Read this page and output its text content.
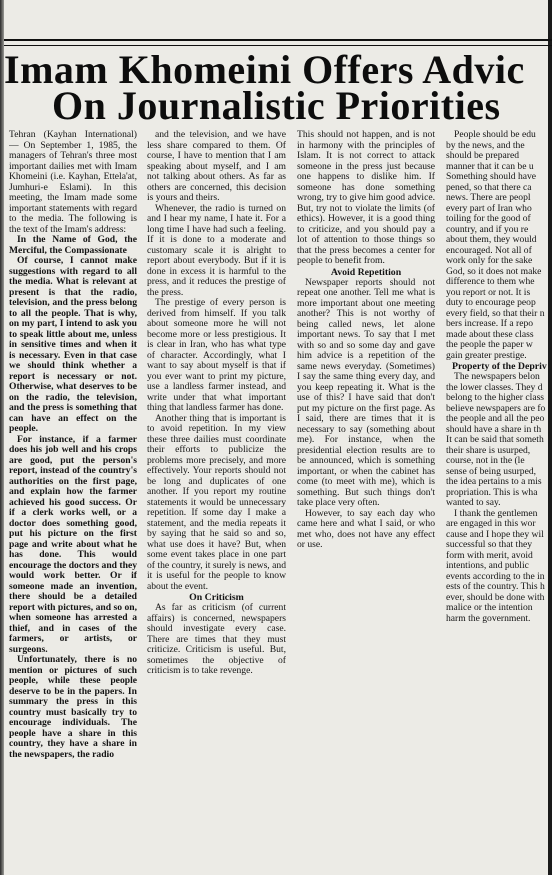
Imam Khomeini Offers Advic
On Journalistic Priorities

Tehran (Kayhan International) — On September 1, 1985, the managers of Tehran's three most important dailies met with Imam Khomeini (i.e. Kayhan, Ettela'at, Jumhuri-e Eslami). In this meeting, the Imam made some important statements with regard to the media. The following is the text of the Imam's address:

In the Name of God, the Merciful, the Compassionate

Of course, I cannot make suggestions with regard to all the media. What is relevant at present is that the radio, television, and the press belong to all the people. That is why, on my part, I intend to ask you to speak little about me, unless in sensitive times and when it is necessary. Even in that case we should think whether a report is necessary or not. Otherwise, what deserves to be on the radio, the television, and the press is something that can have an effect on the people.

For instance, if a farmer does his job well and his crops are good, put the person's report, instead of the country's authorities on the first page, and explain how the farmer achieved his good success. Or if a clerk works well, or a doctor does something good, put his picture on the first page and write about what he has done. This would encourage the doctors and they would work better. Or if someone made an invention, there should be a detailed report with pictures, and so on, when someone has arrested a thief, and in cases of the farmers, or artists, or surgeons.

Unfortunately, there is no mention or pictures of such people, while these people deserve to be in the papers. In summary the press in this country must basically try to encourage individuals. The people have a share in this country, they have a share in the newspapers, the radio

and the television, and we have less share compared to them. Of course, I have to mention that I am speaking about myself, and I am not talking about others. As far as others are concerned, this decision is yours and theirs.

Whenever, the radio is turned on and I hear my name, I hate it. For a long time I have had such a feeling. If it is done to a moderate and customary scale it is alright to report about everybody. But if it is done in excess it is harmful to the press, and it reduces the prestige of the press.

The prestige of every person is derived from himself. If you talk about someone more he will not become more or less prestigious. It is clear in Iran, who has what type of character. Accordingly, what I want to say about myself is that if you ever want to print my picture, use a landless farmer instead, and write under that what important thing that landless farmer has done.

Another thing that is important is to avoid repetition. In my view these three dailies must coordinate their efforts to publicize the problems more precisely, and more effectively. Your reports should not be long and duplicates of one another. If you report my routine statements it would be unnecessary repetition. If some day I make a statement, and the media repeats it by saying that he said so and so, what use does it have? But, when some event takes place in one part of the country, it surely is news, and it is useful for the people to know about the event.

On Criticism

As far as criticism (of current affairs) is concerned, newspapers should investigate every case. There are times that they must criticize. Criticism is useful. But, sometimes the objective of criticism is to take revenge.

This should not happen, and is not in harmony with the principles of Islam. It is not correct to attack someone in the press just because one happens to dislike him. If someone has done something wrong, try to give him good advice. But, try not to violate the limits (of ethics). However, it is a good thing to criticize, and you should pay a lot of attention to those things so that the press becomes a center for people to benefit from.

Avoid Repetition

Newspaper reports should not repeat one another. Tell me what is more important about one meeting another? This is not worthy of being called news, let alone important news. To say that I met with so and so some day and gave him advice is a repetition of the same news everyday. (Sometimes) I say the same thing every day, and you keep repeating it. What is the use of this? I have said that don't put my picture on the first page. As I said, there are times that it is necessary to say (something about me). For instance, when the presidential election results are to be announced, which is something important, or when the cabinet has come (to meet with me), which is something. But such things don't take place very often.

However, to say each day who came here and what I said, or who met who, does not have any effect or use.

People should be edu

by the news, and the

should be prepared

manner that it can be u

Something should have

pened, so that there ca

news. There are peopl

every part of Iran who

toiling for the good of

country, and if you re

about them, they would

encouraged. Not all of

work only for the sake

God, so it does not make

difference to them whe

you report or not. It is

duty to encourage peop

every field, so that their n

bers increase. If a repo

made about these class

the people the paper w

gain greater prestige.

Property of the Depriv

The newspapers belon

the lower classes. They d

belong to the higher class

believe newspapers are fo

the people and all the peo

should have a share in th

It can be said that someth

their share is usurped,

course, not in the (le

sense of being usurped,

the idea pertains to a mis

propriation. This is wha

wanted to say.

I thank the gentlemen

are engaged in this wor

cause and I hope they wil

successful so that they

form with merit, avoid

intentions, and public

events according to the in

ests of the country. This h

ever, should be done with

malice or the intention

harm the government.
